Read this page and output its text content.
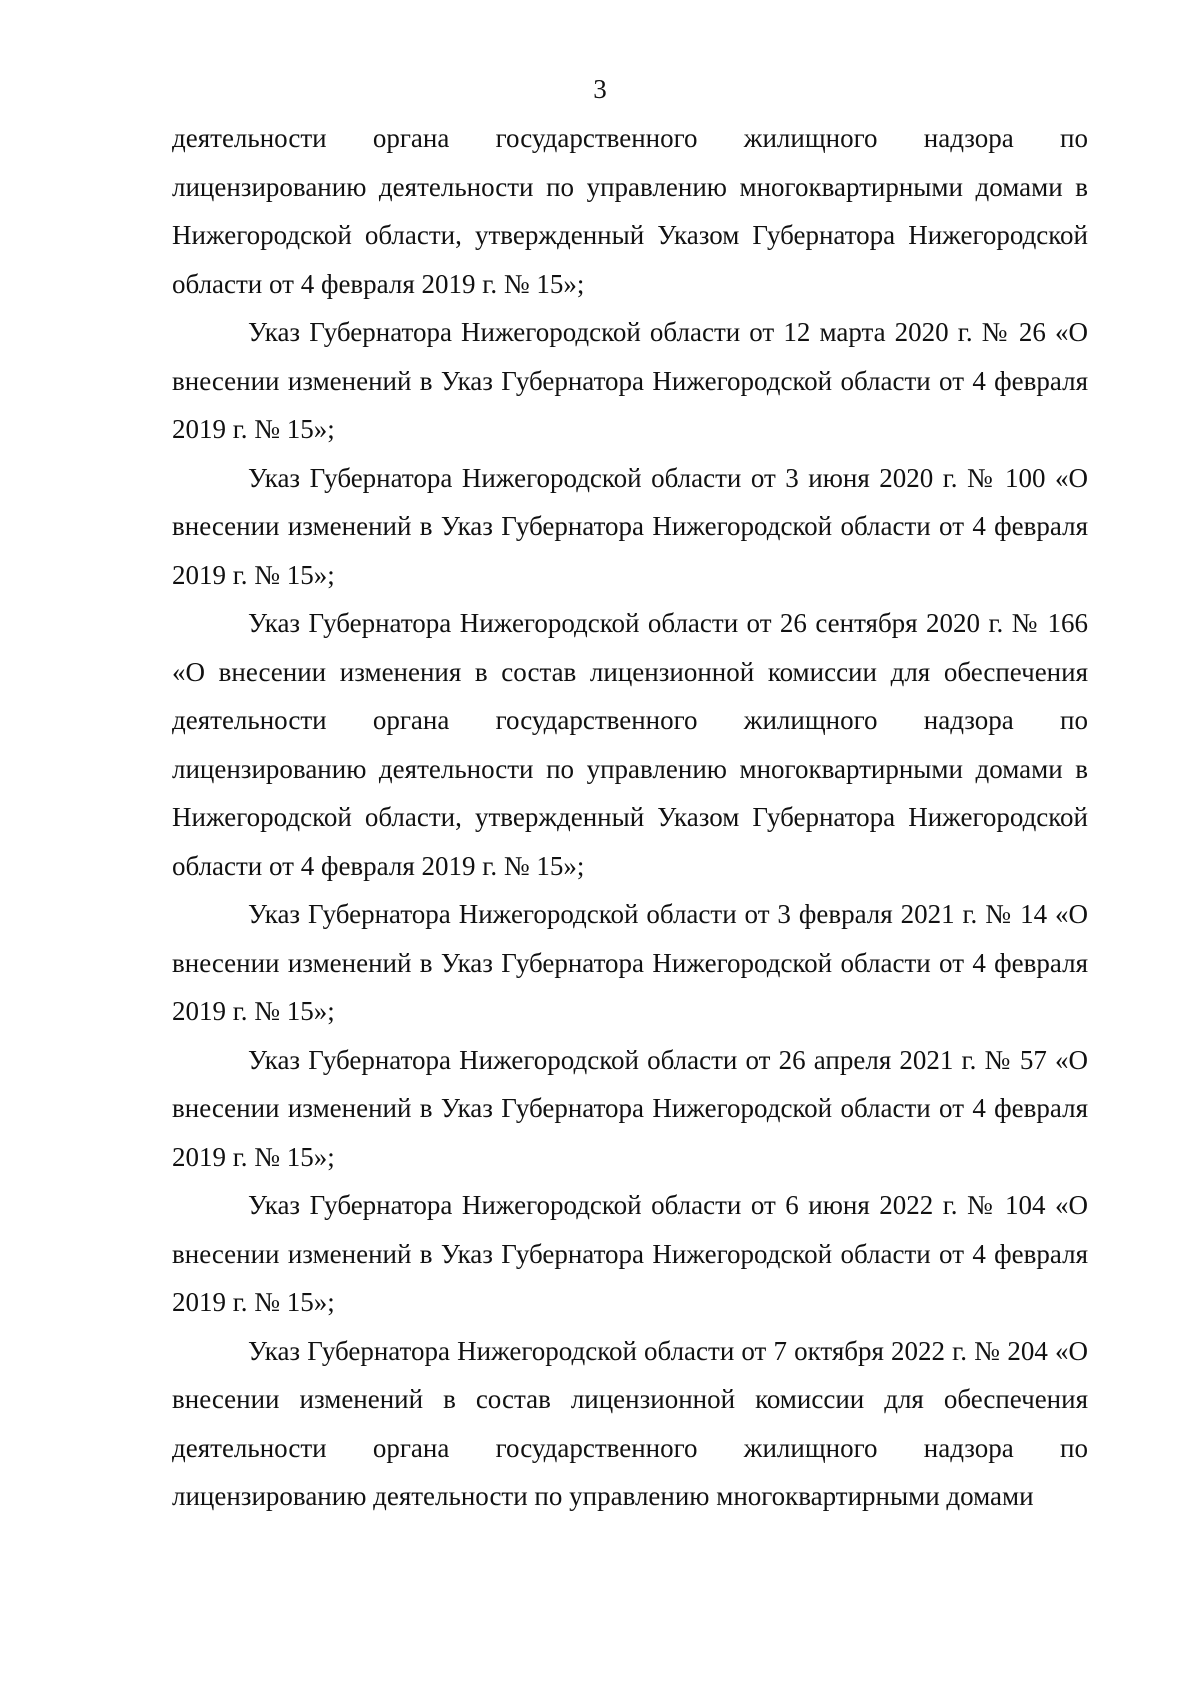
3

деятельности органа государственного жилищного надзора по лицензированию деятельности по управлению многоквартирными домами в Нижегородской области, утвержденный Указом Губернатора Нижегородской области от 4 февраля 2019 г. № 15»;

Указ Губернатора Нижегородской области от 12 марта 2020 г. № 26 «О внесении изменений в Указ Губернатора Нижегородской области от 4 февраля 2019 г. № 15»;

Указ Губернатора Нижегородской области от 3 июня 2020 г. № 100 «О внесении изменений в Указ Губернатора Нижегородской области от 4 февраля 2019 г. № 15»;

Указ Губернатора Нижегородской области от 26 сентября 2020 г. № 166 «О внесении изменения в состав лицензионной комиссии для обеспечения деятельности органа государственного жилищного надзора по лицензированию деятельности по управлению многоквартирными домами в Нижегородской области, утвержденный Указом Губернатора Нижегородской области от 4 февраля 2019 г. № 15»;

Указ Губернатора Нижегородской области от 3 февраля 2021 г. № 14 «О внесении изменений в Указ Губернатора Нижегородской области от 4 февраля 2019 г. № 15»;

Указ Губернатора Нижегородской области от 26 апреля 2021 г. № 57 «О внесении изменений в Указ Губернатора Нижегородской области от 4 февраля 2019 г. № 15»;

Указ Губернатора Нижегородской области от 6 июня 2022 г. № 104 «О внесении изменений в Указ Губернатора Нижегородской области от 4 февраля 2019 г. № 15»;

Указ Губернатора Нижегородской области от 7 октября 2022 г. № 204 «О внесении изменений в состав лицензионной комиссии для обеспечения деятельности органа государственного жилищного надзора по лицензированию деятельности по управлению многоквартирными домами
